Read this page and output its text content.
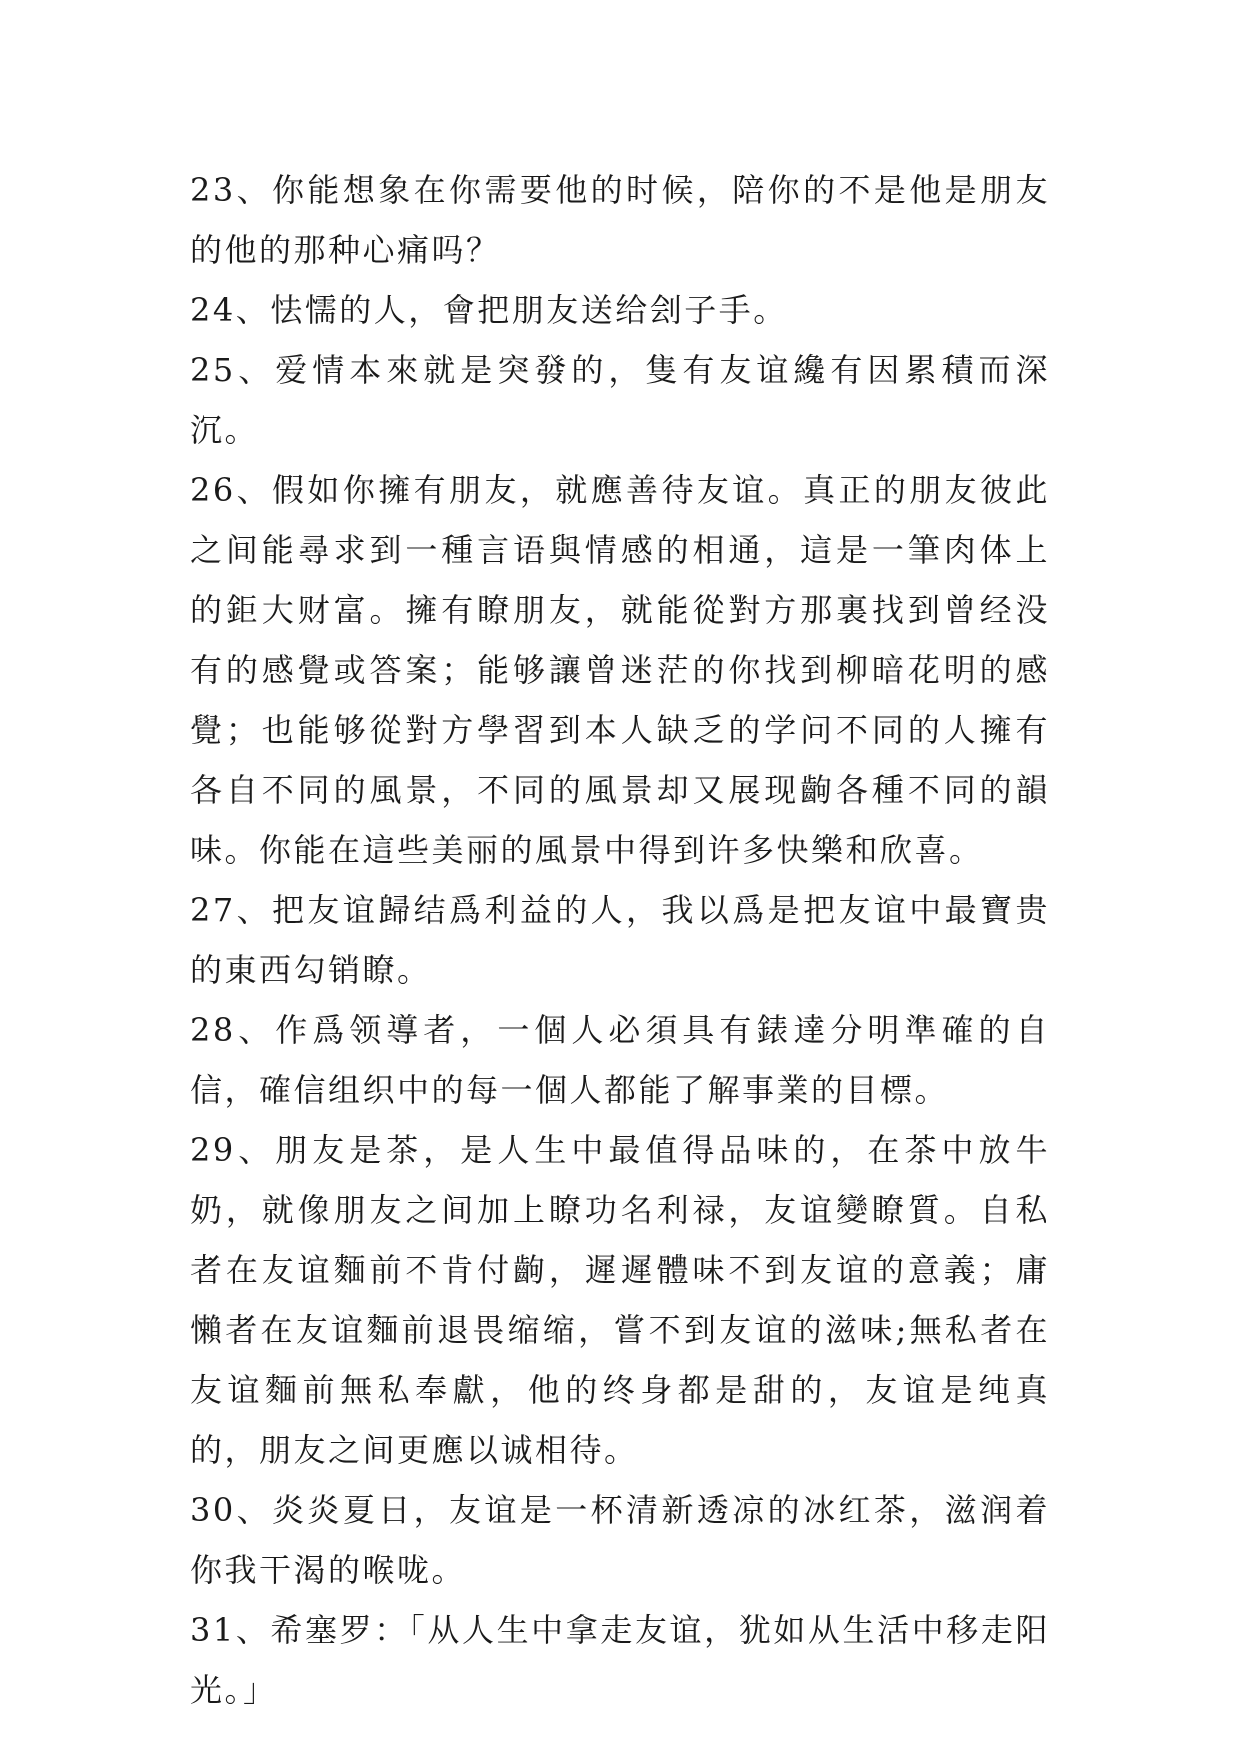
23、你能想象在你需要他的时候，陪你的不是他是朋友的他的那种心痛吗？

24、怯懦的人，會把朋友送给刽子手。

25、爱情本來就是突發的，隻有友谊纔有因累積而深沉。

26、假如你擁有朋友，就應善待友谊。真正的朋友彼此之间能尋求到一種言语與情感的相通，這是一筆肉体上的鉅大财富。擁有瞭朋友，就能從對方那裏找到曾经没有的感覺或答案；能够讓曾迷茫的你找到柳暗花明的感覺；也能够從對方學習到本人缺乏的学问不同的人擁有各自不同的風景，不同的風景却又展现齣各種不同的韻味。你能在這些美丽的風景中得到许多快樂和欣喜。

27、把友谊歸结爲利益的人，我以爲是把友谊中最寶贵的東西勾销瞭。

28、作爲领導者，一個人必須具有錶達分明準確的自信，確信组织中的每一個人都能了解事業的目標。

29、朋友是茶，是人生中最值得品味的，在茶中放牛奶，就像朋友之间加上瞭功名利禄，友谊變瞭質。自私者在友谊麵前不肯付齣，遲遲體味不到友谊的意義；庸懶者在友谊麵前退畏缩缩，嘗不到友谊的滋味;無私者在友谊麵前無私奉獻，他的终身都是甜的，友谊是纯真的，朋友之间更應以诚相待。

30、炎炎夏日，友谊是一杯清新透凉的冰红茶，滋润着你我干渴的喉咙。

31、希塞罗：「从人生中拿走友谊，犹如从生活中移走阳光。」
